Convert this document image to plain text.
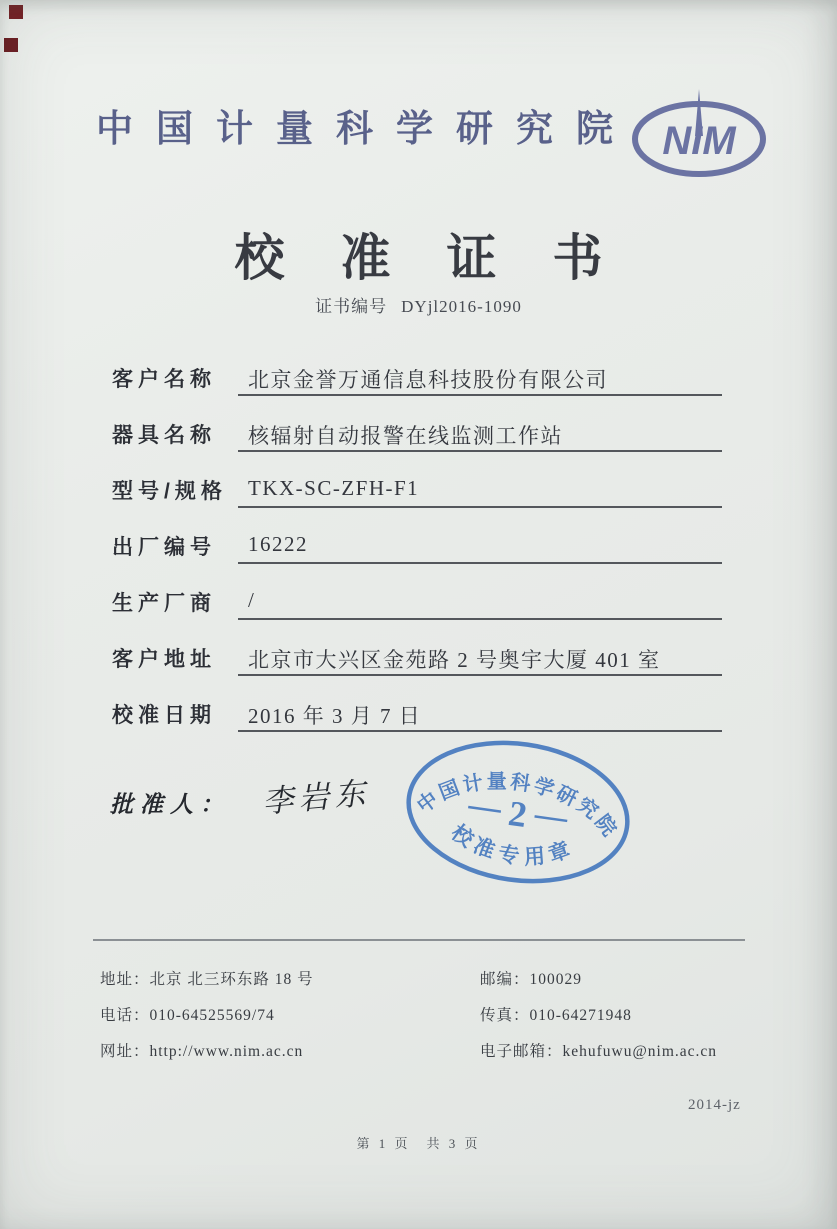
中国计量科学研究院 NIM
校准证书
证书编号 DYjl2016-1090
客户名称 北京金誉万通信息科技股份有限公司
器具名称 核辐射自动报警在线监测工作站
型号/规格 TKX-SC-ZFH-F1
出厂编号 16222
生产厂商 /
客户地址 北京市大兴区金苑路 2 号奥宇大厦 401 室
校准日期 2016 年 3 月 7 日
批准人： 李岩东 中国计量科学研究院
校准专用章
2
地址：北京 北三环东路 18 号	邮编：100029
电话：010-64525569/74	传真：010-64271948
网址：http://www.nim.ac.cn	电子邮箱：kehufuwu@nim.ac.cn
2014-jz
第 1 页　共 3 页
